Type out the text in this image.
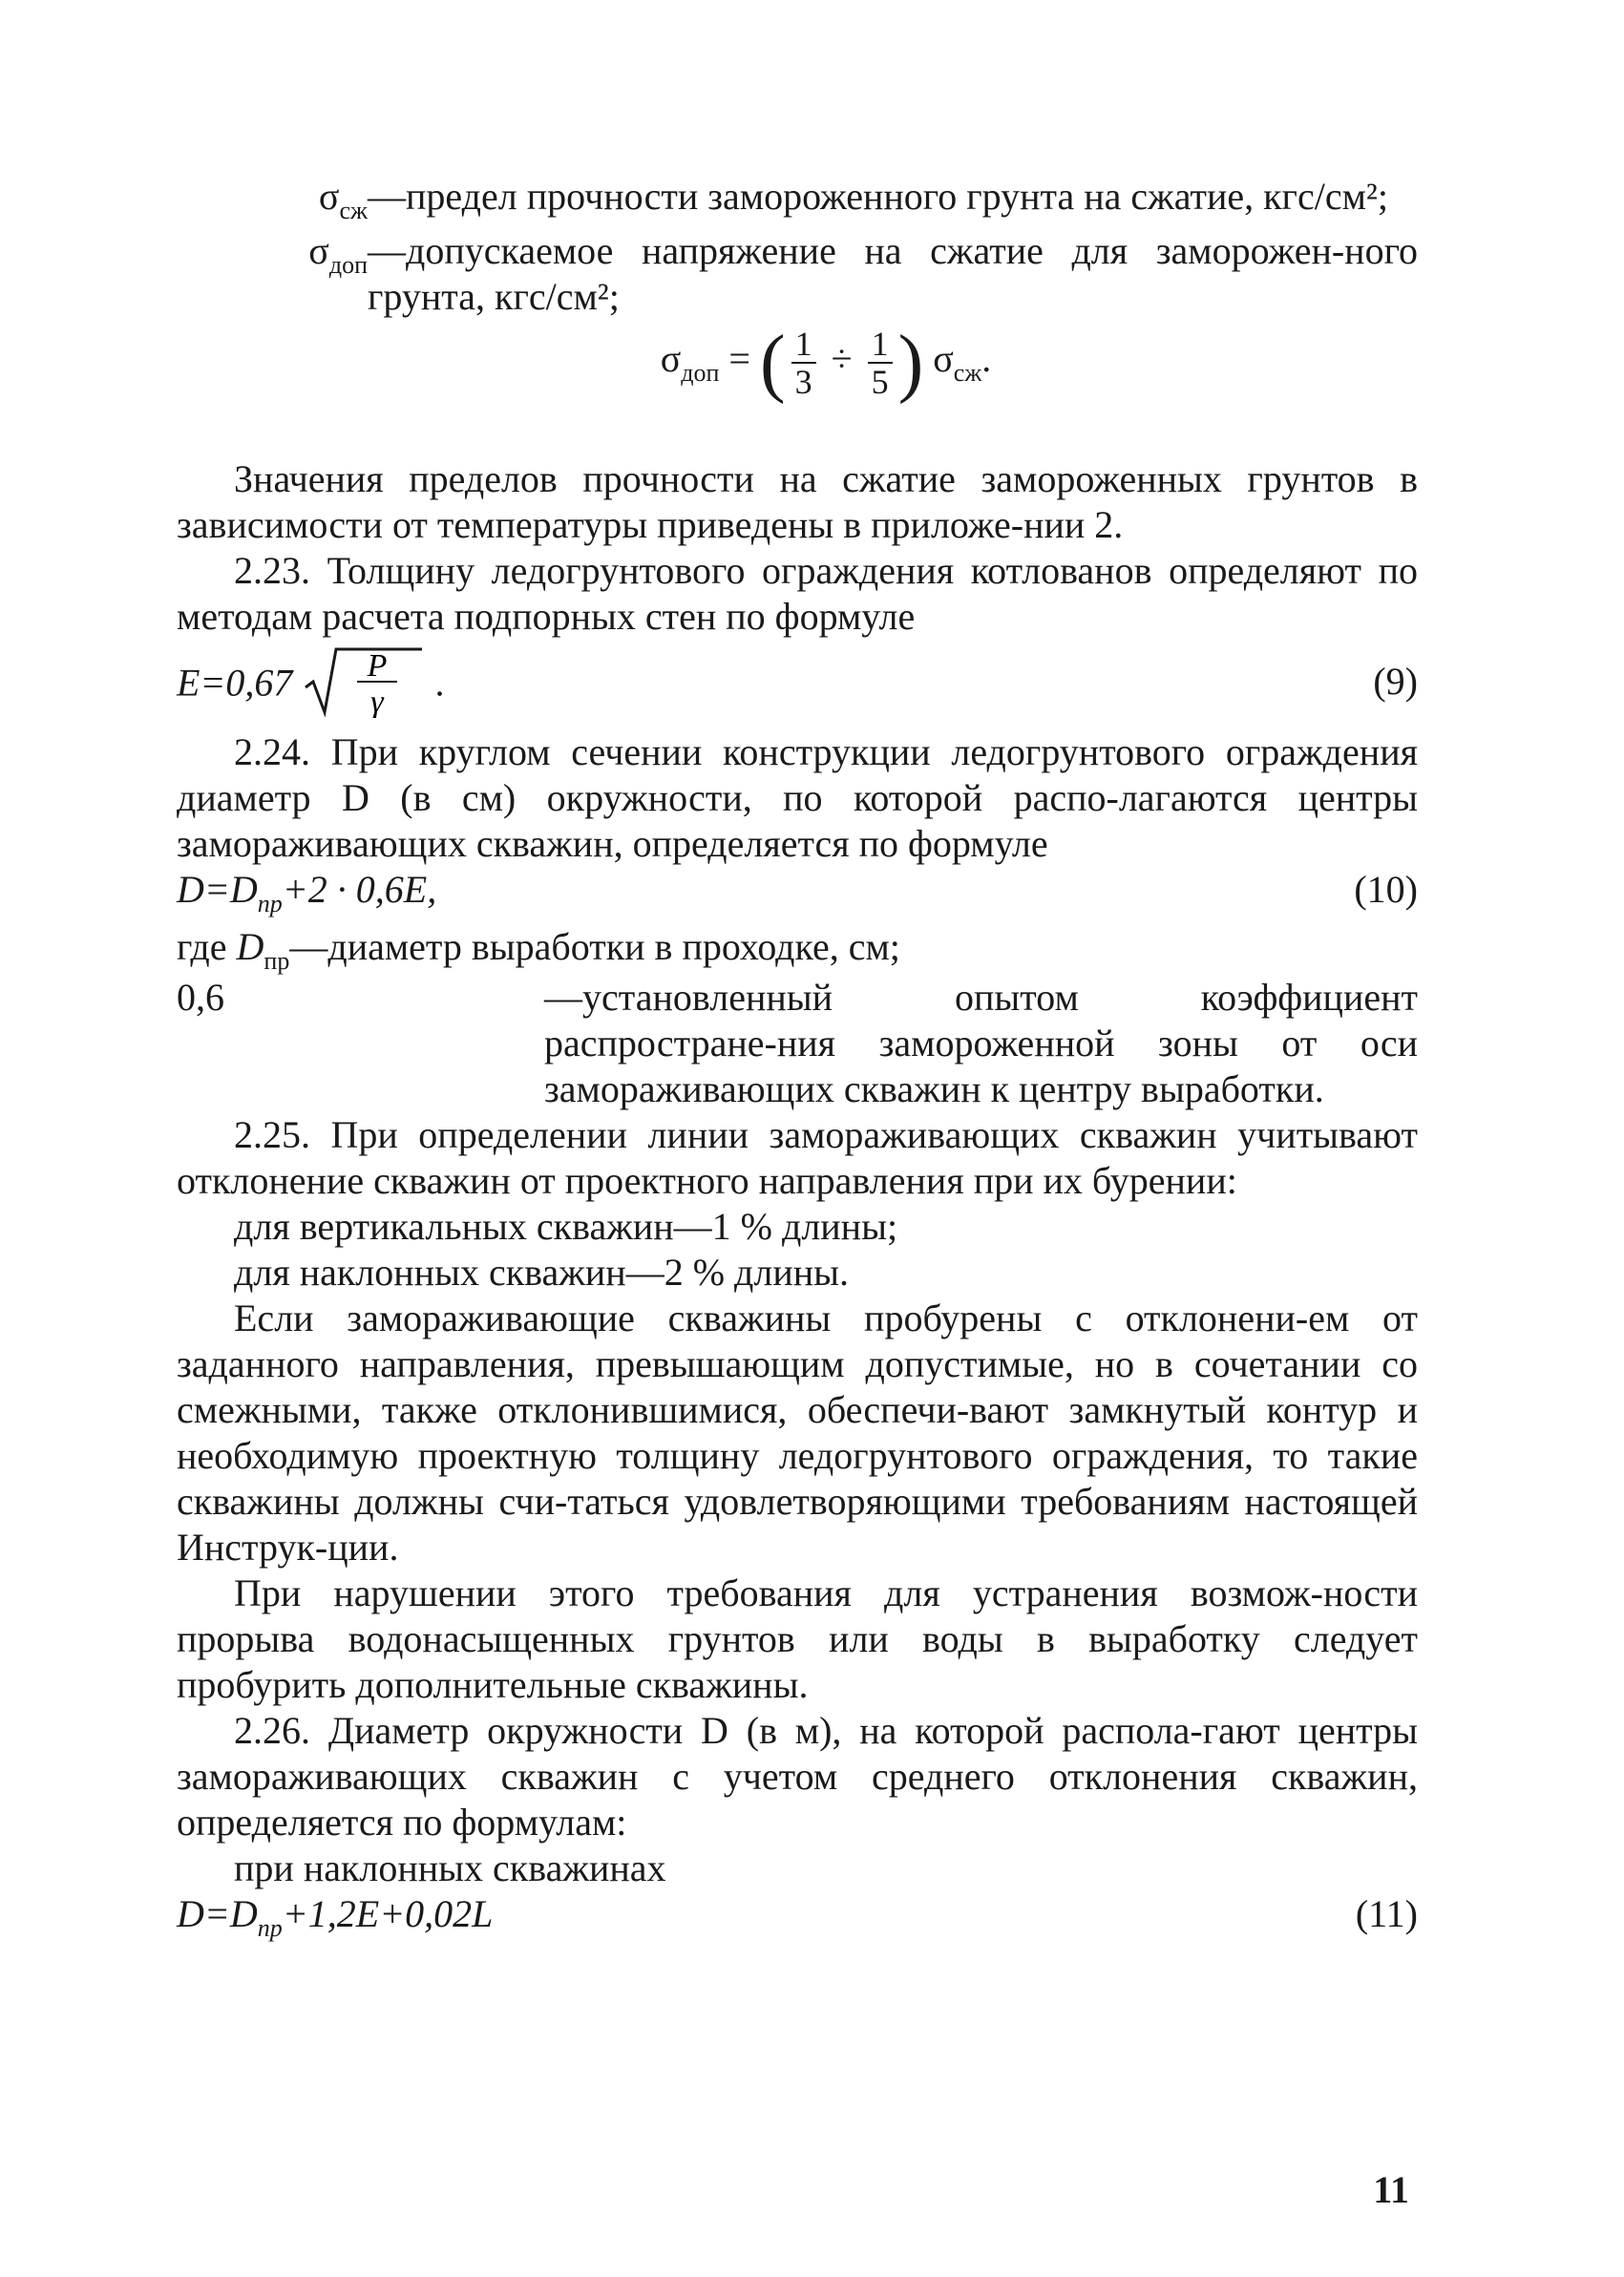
$\sigma_{сж}$ —предел прочности замороженного грунта на сжатие, кгс/см²;
$\sigma_{доп}$ —допускаемое напряжение на сжатие для заморожен-ного грунта, кгс/см²;
$\sigma_{доп}$ = ( $\frac{1}{3} \div \frac{1}{5}$ ) $\sigma_{сж}$.
Значения пределов прочности на сжатие замороженных грунтов в зависимости от температуры приведены в приложе-нии 2.
2.23. Толщину ледогрунтового ограждения котлованов определяют по методам расчета подпорных стен по формуле
E=0,67 P
γ .	(9)
2.24. При круглом сечении конструкции ледогрунтового ограждения диаметр D (в см) окружности, по которой распо-лагаются центры замораживающих скважин, определяется по формуле
$D=D_{пр}+2 \cdot 0,6E$,	(10)
где $D_{пр}—диаметр$ выработки в проходке, см;
0,6	—установленный опытом коэффициент распростране-ния замороженной зоны от оси замораживающих скважин к центру выработки.
2.25. При определении линии замораживающих скважин учитывают отклонение скважин от проектного направления при их бурении:
для вертикальных скважин—1 % длины;
для наклонных скважин—2 % длины.
Если замораживающие скважины пробурены с отклонени-ем от заданного направления, превышающим допустимые, но в сочетании со смежными, также отклонившимися, обеспечи-вают замкнутый контур и необходимую проектную толщину ледогрунтового ограждения, то такие скважины должны счи-таться удовлетворяющими требованиям настоящей Инструк-ции.
При нарушении этого требования для устранения возмож-ности прорыва водонасыщенных грунтов или воды в выработку следует пробурить дополнительные скважины.
2.26. Диаметр окружности D (в м), на которой распола-гают центры замораживающих скважин с учетом среднего отклонения скважин, определяется по формулам:
при наклонных скважинах
$D=D_{пр}+1,2E+0,02L$	(11)
11
